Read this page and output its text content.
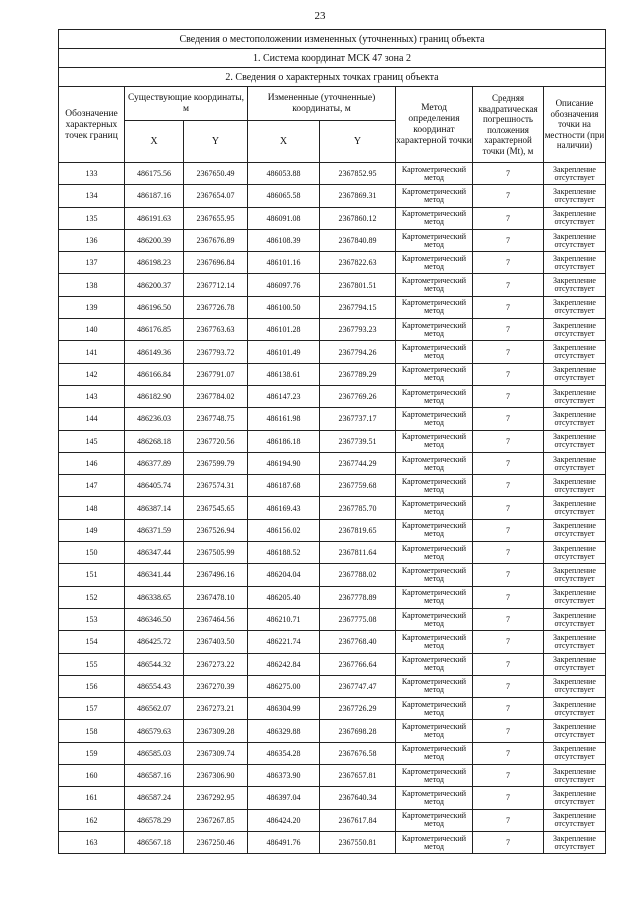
23
Сведения о местоположении измененных (уточненных) границ объекта							
1. Система координат МСК 47 зона 2							
2. Сведения о характерных точках границ объекта							

Обозначение
характерных точек границ	Существующие координаты, м		Измененные (уточненные) координаты, м		Метод определения координат характерной точки	Средняя квадратическая погрешность положения характерной точки (Mt), м	Описание обозначения точки на местности (при наличии)
	X	Y	X	Y			
133	486175.56	2367650.49	486053.88	2367852.95	Картометрический метод	7	Закрепление отсутствует
134	486187.16	2367654.07	486065.58	2367869.31	Картометрический метод	7	Закрепление отсутствует
135	486191.63	2367655.95	486091.08	2367860.12	Картометрический метод	7	Закрепление отсутствует
136	486200.39	2367676.89	486108.39	2367840.89	Картометрический метод	7	Закрепление отсутствует
137	486198.23	2367696.84	486101.16	2367822.63	Картометрический метод	7	Закрепление отсутствует
138	486200.37	2367712.14	486097.76	2367801.51	Картометрический метод	7	Закрепление отсутствует
139	486196.50	2367726.78	486100.50	2367794.15	Картометрический метод	7	Закрепление отсутствует
140	486176.85	2367763.63	486101.28	2367793.23	Картометрический метод	7	Закрепление отсутствует
141	486149.36	2367793.72	486101.49	2367794.26	Картометрический метод	7	Закрепление отсутствует
142	486166.84	2367791.07	486138.61	2367789.29	Картометрический метод	7	Закрепление отсутствует
143	486182.90	2367784.02	486147.23	2367769.26	Картометрический метод	7	Закрепление отсутствует
144	486236.03	2367748.75	486161.98	2367737.17	Картометрический метод	7	Закрепление отсутствует
145	486268.18	2367720.56	486186.18	2367739.51	Картометрический метод	7	Закрепление отсутствует
146	486377.89	2367599.79	486194.90	2367744.29	Картометрический метод	7	Закрепление отсутствует
147	486405.74	2367574.31	486187.68	2367759.68	Картометрический метод	7	Закрепление отсутствует
148	486387.14	2367545.65	486169.43	2367785.70	Картометрический метод	7	Закрепление отсутствует
149	486371.59	2367526.94	486156.02	2367819.65	Картометрический метод	7	Закрепление отсутствует
150	486347.44	2367505.99	486188.52	2367811.64	Картометрический метод	7	Закрепление отсутствует
151	486341.44	2367496.16	486204.04	2367788.02	Картометрический метод	7	Закрепление отсутствует
152	486338.65	2367478.10	486205.40	2367778.89	Картометрический метод	7	Закрепление отсутствует
153	486346.50	2367464.56	486210.71	2367775.08	Картометрический метод	7	Закрепление отсутствует
154	486425.72	2367403.50	486221.74	2367768.40	Картометрический метод	7	Закрепление отсутствует
155	486544.32	2367273.22	486242.84	2367766.64	Картометрический метод	7	Закрепление отсутствует
156	486554.43	2367270.39	486275.00	2367747.47	Картометрический метод	7	Закрепление отсутствует
157	486562.07	2367273.21	486304.99	2367726.29	Картометрический метод	7	Закрепление отсутствует
158	486579.63	2367309.28	486329.88	2367698.28	Картометрический метод	7	Закрепление отсутствует
159	486585.03	2367309.74	486354.28	2367676.58	Картометрический метод	7	Закрепление отсутствует
160	486587.16	2367306.90	486373.90	2367657.81	Картометрический метод	7	Закрепление отсутствует
161	486587.24	2367292.95	486397.04	2367640.34	Картометрический метод	7	Закрепление отсутствует
162	486578.29	2367267.85	486424.20	2367617.84	Картометрический метод	7	Закрепление отсутствует
163	486567.18	2367250.46	486491.76	2367550.81	Картометрический метод	7	Закрепление отсутствует
